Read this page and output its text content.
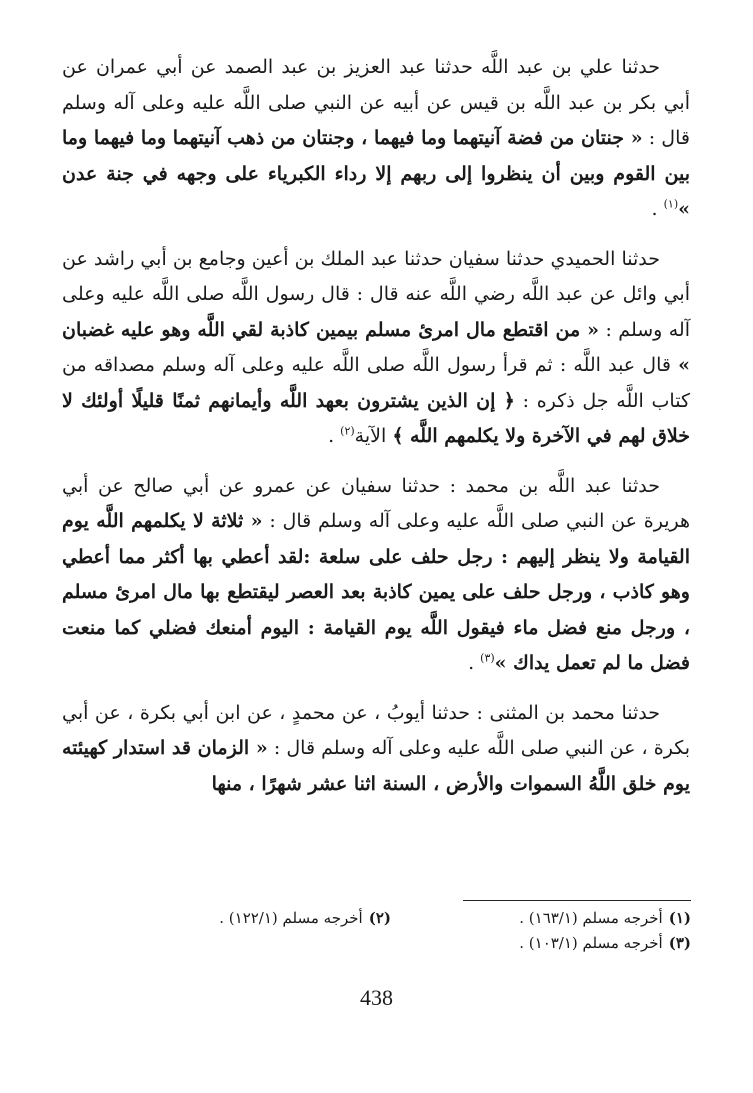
حدثنا علي بن عبد اللَّه حدثنا عبد العزيز بن عبد الصمد عن أبي عمران عن أبي بكر بن عبد اللَّه بن قيس عن أبيه عن النبي صلى اللَّه عليه وعلى آله وسلم قال : « جنتان من فضة آنيتهما وما فيهما ، وجنتان من ذهب آنيتهما وما فيهما وما بين القوم وبين أن ينظروا إلى ربهم إلا رداء الكبرياء على وجهه في جنة عدن »$^{(١)}$ .

حدثنا الحميدي حدثنا سفيان حدثنا عبد الملك بن أعين وجامع بن أبي راشد عن أبي وائل عن عبد اللَّه رضي اللَّه عنه قال : قال رسول اللَّه صلى اللَّه عليه وعلى آله وسلم : « من اقتطع مال امرئ مسلم بيمين كاذبة لقي اللَّه وهو عليه غضبان » قال عبد اللَّه : ثم قرأ رسول اللَّه صلى اللَّه عليه وعلى آله وسلم مصداقه من كتاب اللَّه جل ذكره : ﴿ إن الذين يشترون بعهد اللَّه وأيمانهم ثمنًا قليلًا أولئك لا خلاق لهم في الآخرة ولا يكلمهم اللَّه ﴾ الآية$^{(٢)}$ .

حدثنا عبد اللَّه بن محمد : حدثنا سفيان عن عمرو عن أبي صالح عن أبي هريرة عن النبي صلى اللَّه عليه وعلى آله وسلم قال : « ثلاثة لا يكلمهم اللَّه يوم القيامة ولا ينظر إليهم : رجل حلف على سلعة :لقد أعطي بها أكثر مما أعطي وهو كاذب ، ورجل حلف على يمين كاذبة بعد العصر ليقتطع بها مال امرئ مسلم ، ورجل منع فضل ماء فيقول اللَّه يوم القيامة : اليوم أمنعك فضلي كما منعت فضل ما لم تعمل يداك »$^{(٣)}$ .

حدثنا محمد بن المثنى : حدثنا أيوبُ ، عن محمدٍ ، عن ابن أبي بكرة ، عن أبي بكرة ، عن النبي صلى اللَّه عليه وعلى آله وسلم قال : « الزمان قد استدار كهيئته يوم خلق اللَّهُ السموات والأرض ، السنة اثنا عشر شهرًا ، منها

(١)أخرجه مسلم (١٦٣/١) .
(٢)أخرجه مسلم (١٢٢/١) .
(٣)أخرجه مسلم (١٠٣/١) .
438
